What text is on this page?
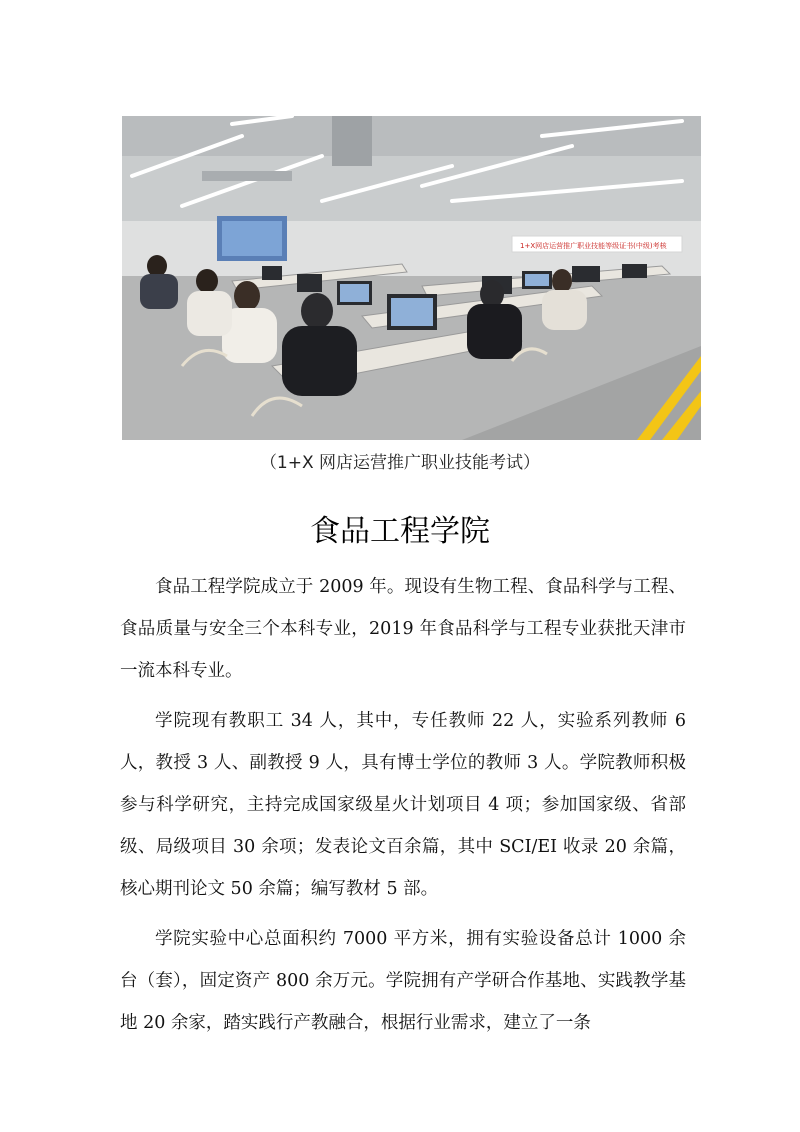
1+X网店运营推广职业技能等级证书(中级)考核
（1+X 网店运营推广职业技能考试）
食品工程学院

食品工程学院成立于 2009 年。现设有生物工程、食品科学与工程、食品质量与安全三个本科专业，2019 年食品科学与工程专业获批天津市一流本科专业。

学院现有教职工 34 人，其中，专任教师 22 人，实验系列教师 6 人，教授 3 人、副教授 9 人，具有博士学位的教师 3 人。学院教师积极参与科学研究，主持完成国家级星火计划项目 4 项；参加国家级、省部级、局级项目 30 余项；发表论文百余篇，其中 SCI/EI 收录 20 余篇，核心期刊论文 50 余篇；编写教材 5 部。

学院实验中心总面积约 7000 平方米，拥有实验设备总计 1000 余台（套），固定资产 800 余万元。学院拥有产学研合作基地、实践教学基地 20 余家，踏实践行产教融合，根据行业需求，建立了一条
